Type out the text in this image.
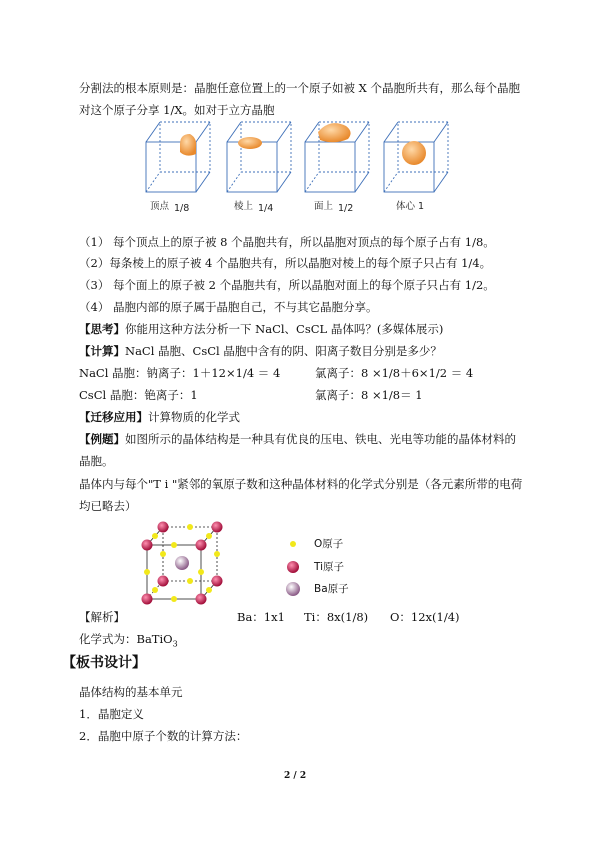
分割法的根本原则是：晶胞任意位置上的一个原子如被 X 个晶胞所共有，那么每个晶胞
对这个原子分享 1/X。如对于立方晶胞
顶点 1/8	棱上 1/4	面上 1/2	体心 1
（1） 每个顶点上的原子被 8 个晶胞共有，所以晶胞对顶点的每个原子占有 1/8。
（2）每条棱上的原子被 4 个晶胞共有，所以晶胞对棱上的每个原子只占有 1/4。
（3） 每个面上的原子被 2 个晶胞共有，所以晶胞对面上的每个原子只占有 1/2。
（4） 晶胞内部的原子属于晶胞自己，不与其它晶胞分享。
【思考】你能用这种方法分析一下 NaCl、CsCL 晶体吗？(多媒体展示)
【计算】NaCl 晶胞、CsCl 晶胞中含有的阴、阳离子数目分别是多少？
NaCl 晶胞：钠离子：1＋12×1/4 ＝ 4	氯离子：8 ×1/8＋6×1/2 ＝ 4
CsCl 晶胞：铯离子：1	氯离子：8 ×1/8＝ 1
【迁移应用】计算物质的化学式
【例题】如图所示的晶体结构是一种具有优良的压电、铁电、光电等功能的晶体材料的
晶胞。
晶体内与每个"T i "紧邻的氧原子数和这种晶体材料的化学式分别是（各元素所带的电荷
均已略去）
O原子
Ti原子
Ba原子
【解析】	Ba：1x1 Ti：8x(1/8) O：12x(1/4)
化学式为：BaTiO$_3$
【板书设计】
晶体结构的基本单元
1．晶胞定义
2．晶胞中原子个数的计算方法：
2 / 2
